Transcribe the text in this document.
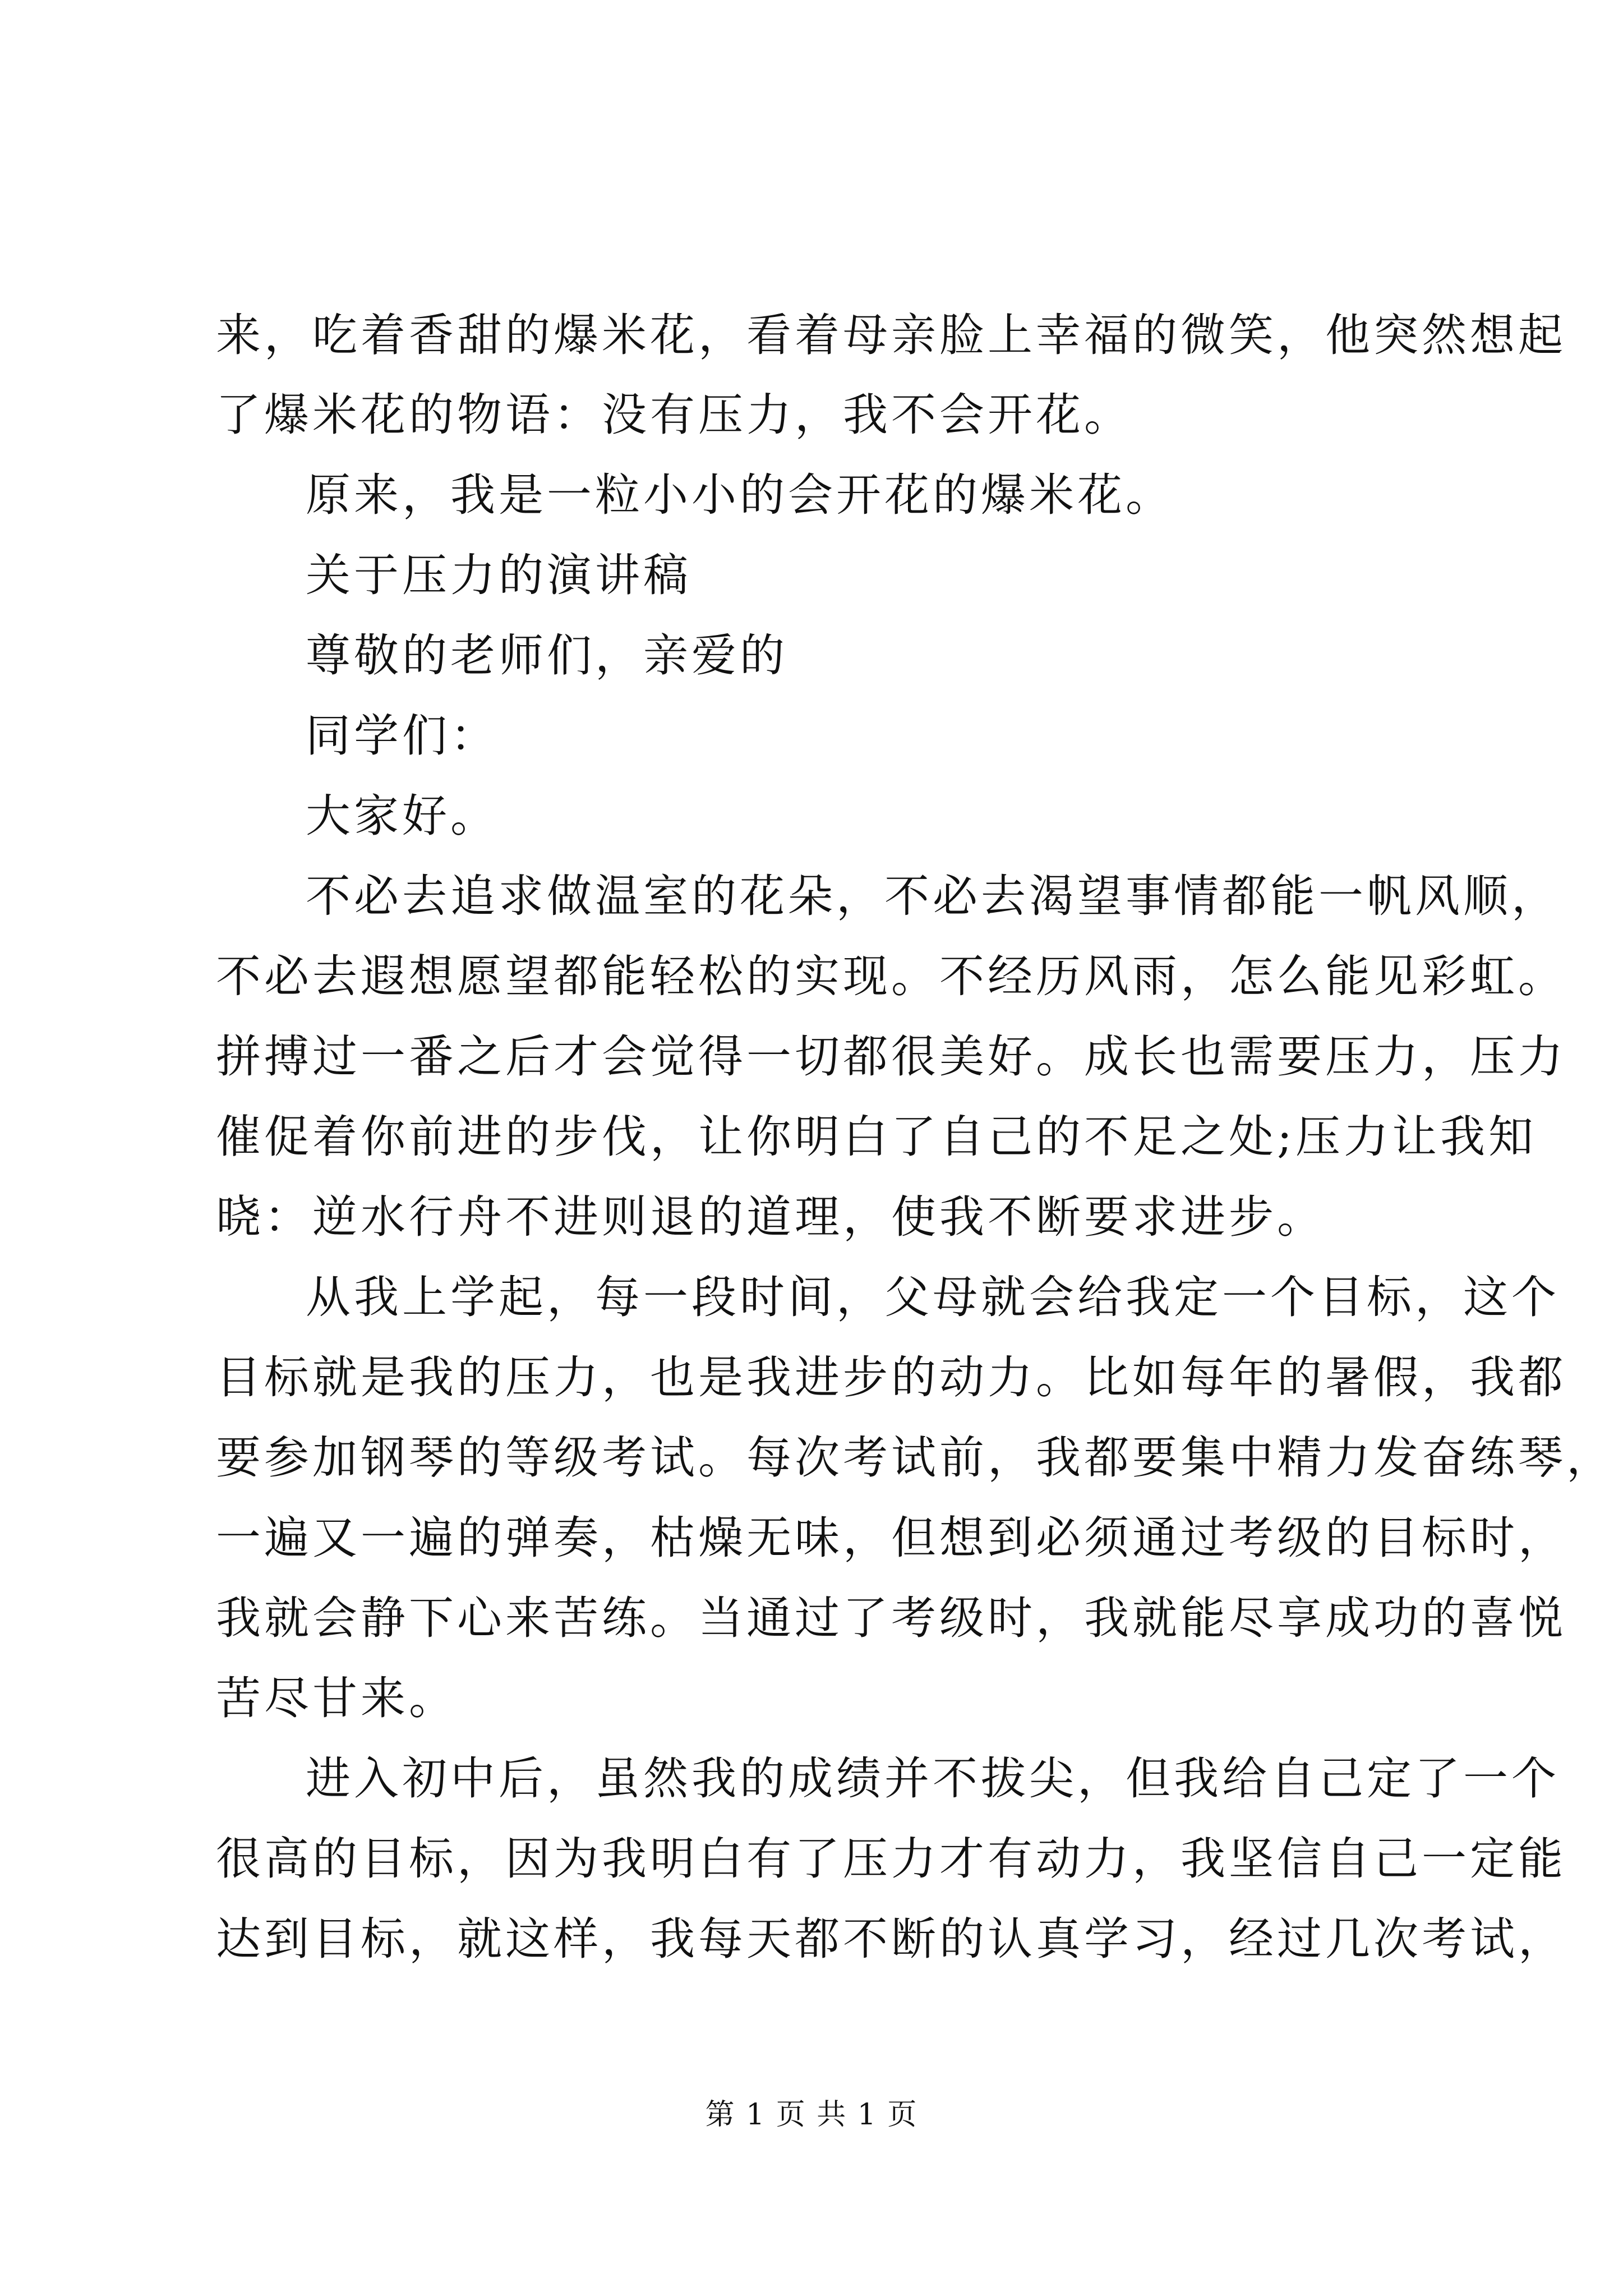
来，吃着香甜的爆米花，看着母亲脸上幸福的微笑，他突然想起
了爆米花的物语：没有压力，我不会开花。
原来，我是一粒小小的会开花的爆米花。
关于压力的演讲稿
尊敬的老师们，亲爱的
同学们：
大家好。
不必去追求做温室的花朵，不必去渴望事情都能一帆风顺，
不必去遐想愿望都能轻松的实现。不经历风雨，怎么能见彩虹。
拼搏过一番之后才会觉得一切都很美好。成长也需要压力，压力
催促着你前进的步伐，让你明白了自己的不足之处;压力让我知
晓：逆水行舟不进则退的道理，使我不断要求进步。
从我上学起，每一段时间，父母就会给我定一个目标，这个
目标就是我的压力，也是我进步的动力。比如每年的暑假，我都
要参加钢琴的等级考试。每次考试前，我都要集中精力发奋练琴，
一遍又一遍的弹奏，枯燥无味，但想到必须通过考级的目标时，
我就会静下心来苦练。当通过了考级时，我就能尽享成功的喜悦
苦尽甘来。
进入初中后，虽然我的成绩并不拔尖，但我给自己定了一个
很高的目标，因为我明白有了压力才有动力，我坚信自己一定能
达到目标，就这样，我每天都不断的认真学习，经过几次考试，
第 1 页 共 1 页
